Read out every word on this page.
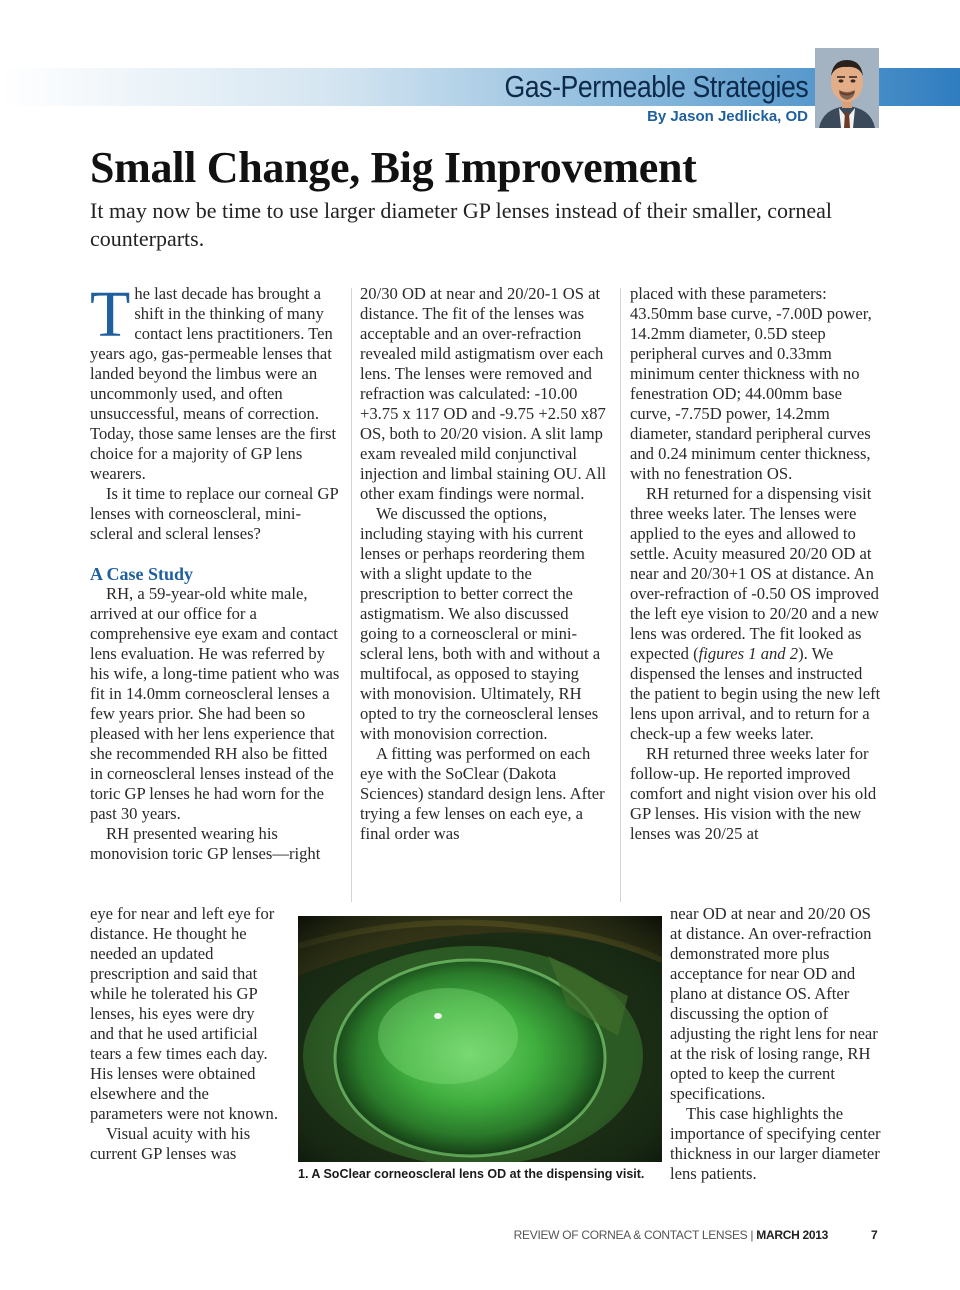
Gas-Permeable Strategies
By Jason Jedlicka, OD
Small Change, Big Improvement

It may now be time to use larger diameter GP lenses instead of their smaller, corneal counterparts.

The last decade has brought a shift in the thinking of many contact lens practitioners. Ten years ago, gas-permeable lenses that landed beyond the limbus were an uncommonly used, and often unsuccessful, means of correction. Today, those same lenses are the first choice for a majority of GP lens wearers.

Is it time to replace our corneal GP lenses with corneoscleral, mini-scleral and scleral lenses?

A Case Study

RH, a 59-year-old white male, arrived at our office for a comprehensive eye exam and contact lens evaluation. He was referred by his wife, a long-time patient who was fit in 14.0mm corneoscleral lenses a few years prior. She had been so pleased with her lens experience that she recommended RH also be fitted in corneoscleral lenses instead of the toric GP lenses he had worn for the past 30 years.

RH presented wearing his monovision toric GP lenses—right

eye for near and left eye for distance. He thought he needed an updated prescription and said that while he tolerated his GP lenses, his eyes were dry and that he used artificial tears a few times each day. His lenses were obtained elsewhere and the parameters were not known.

Visual acuity with his current GP lenses was

20/30 OD at near and 20/20-1 OS at distance. The fit of the lenses was acceptable and an over-refraction revealed mild astigmatism over each lens. The lenses were removed and refraction was calculated: -10.00 +3.75 x 117 OD and -9.75 +2.50 x87 OS, both to 20/20 vision. A slit lamp exam revealed mild conjunctival injection and limbal staining OU. All other exam findings were normal.

We discussed the options, including staying with his current lenses or perhaps reordering them with a slight update to the prescription to better correct the astigmatism. We also discussed going to a corneoscleral or mini-scleral lens, both with and without a multifocal, as opposed to staying with monovision. Ultimately, RH opted to try the corneoscleral lenses with monovision correction.

A fitting was performed on each eye with the SoClear (Dakota Sciences) standard design lens. After trying a few lenses on each eye, a final order was

placed with these parameters: 43.50mm base curve, -7.00D power, 14.2mm diameter, 0.5D steep peripheral curves and 0.33mm minimum center thickness with no fenestration OD; 44.00mm base curve, -7.75D power, 14.2mm diameter, standard peripheral curves and 0.24 minimum center thickness, with no fenestration OS.

RH returned for a dispensing visit three weeks later. The lenses were applied to the eyes and allowed to settle. Acuity measured 20/20 OD at near and 20/30+1 OS at distance. An over-refraction of -0.50 OS improved the left eye vision to 20/20 and a new lens was ordered. The fit looked as expected (figures 1 and 2). We dispensed the lenses and instructed the patient to begin using the new left lens upon arrival, and to return for a check-up a few weeks later.

RH returned three weeks later for follow-up. He reported improved comfort and night vision over his old GP lenses. His vision with the new lenses was 20/25 at

near OD at near and 20/20 OS at distance. An over-refraction demonstrated more plus acceptance for near OD and plano at distance OS. After discussing the option of adjusting the right lens for near at the risk of losing range, RH opted to keep the current specifications.

This case highlights the importance of specifying center thickness in our larger diameter lens patients.

1. A SoClear corneoscleral lens OD at the dispensing visit.
REVIEW OF CORNEA & CONTACT LENSES | MARCH 2013	7
